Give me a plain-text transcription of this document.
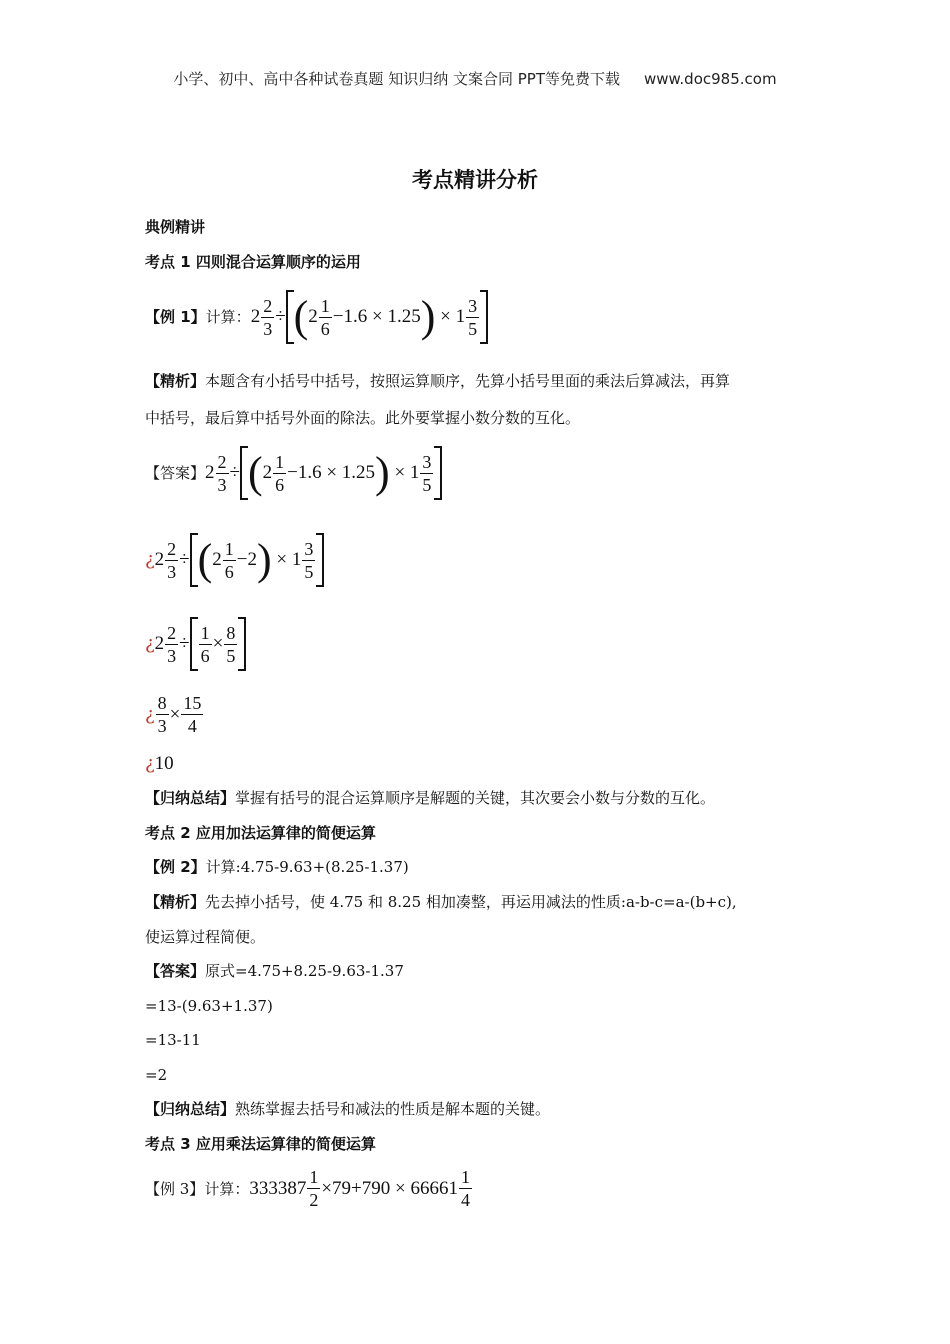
小学、初中、高中各种试卷真题 知识归纳 文案合同 PPT等免费下载 www.doc985.com
考点精讲分析
典例精讲
考点 1 四则混合运算顺序的运用
【例 1】 计算： $2 \frac{2}{3}$ ÷ ( $2 \frac{1}{6} - 1.6$
×
1.25 )
×
$1 \frac{3}{5}$
【精析】本题含有小括号中括号，按照运算顺序，先算小括号里面的乘法后算减法，再算
中括号，最后算中括号外面的除法。此外要掌握小数分数的互化。
【答案】 $2 \frac{2}{3}$ ÷ ( $2 \frac{1}{6} - 1.6$
×
1.25 )
×
$1 \frac{3}{5}$
¿ $2 \frac{2}{3}$ ÷ ( $2 \frac{1}{6} - 2$ )
×
$1 \frac{3}{5}$
¿ $2 \frac{2}{3} \div \frac{1}{6} \times \frac{8}{5}$
¿ $\frac{8}{3} \times \frac{15}{4}$
¿ 10
【归纳总结】掌握有括号的混合运算顺序是解题的关键，其次要会小数与分数的互化。
考点 2 应用加法运算律的简便运算
【例 2】计算:4.75-9.63+(8.25-1.37)
【精析】先去掉小括号，使 4.75 和 8.25 相加凑整，再运用减法的性质:a-b-c=a-(b+c),
使运算过程简便。
【答案】原式=4.75+8.25-9.63-1.37
=13-(9.63+1.37)
=13-11
=2
【归纳总结】熟练掌握去括号和减法的性质是解本题的关键。
考点 3 应用乘法运算律的简便运算
【例 3】 计算： $333387 \frac{1}{2} \times 79 + 790$
×
$66661 \frac{1}{4}$
